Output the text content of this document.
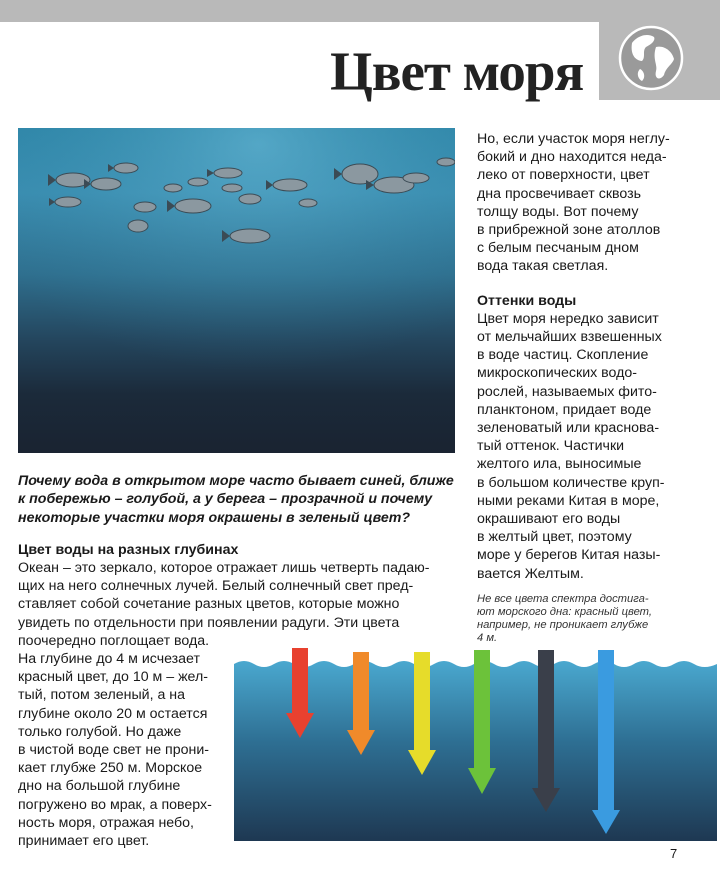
Цвет моря

Но, если участок моря неглу-
бокий и дно находится неда-
леко от поверхности, цвет
дна просвечивает сквозь
толщу воды. Вот почему
в прибрежной зоне атоллов
с белым песчаным дном
вода такая светлая.

Оттенки воды

Цвет моря нередко зависит
от мельчайших взвешенных
в воде частиц. Скопление
микроскопических водо-
рослей, называемых фито-
планктоном, придает воде
зеленоватый или краснова-
тый оттенок. Частички
желтого ила, выносимые
в большом количестве круп-
ными реками Китая в море,
окрашивают его воды
в желтый цвет, поэтому
море у берегов Китая назы-
вается Желтым.

Не все цвета спектра достига-
ют морского дна: красный цвет,
например, не проникает глубже
4 м.

Почему вода в открытом море часто бывает синей, ближе
к побережью – голубой, а у берега – прозрачной и почему
некоторые участки моря окрашены в зеленый цвет?

Цвет воды на разных глубинах

Океан – это зеркало, которое отражает лишь четверть падаю-
щих на него солнечных лучей. Белый солнечный свет пред-
ставляет собой сочетание разных цветов, которые можно
увидеть по отдельности при появлении радуги. Эти цвета
поочередно поглощает вода.
На глубине до 4 м исчезает
красный цвет, до 10 м – жел-
тый, потом зеленый, а на
глубине около 20 м остается
только голубой. Но даже
в чистой воде свет не прони-
кает глубже 250 м. Морское
дно на большой глубине
погружено во мрак, а поверх-
ность моря, отражая небо,
принимает его цвет.

7
